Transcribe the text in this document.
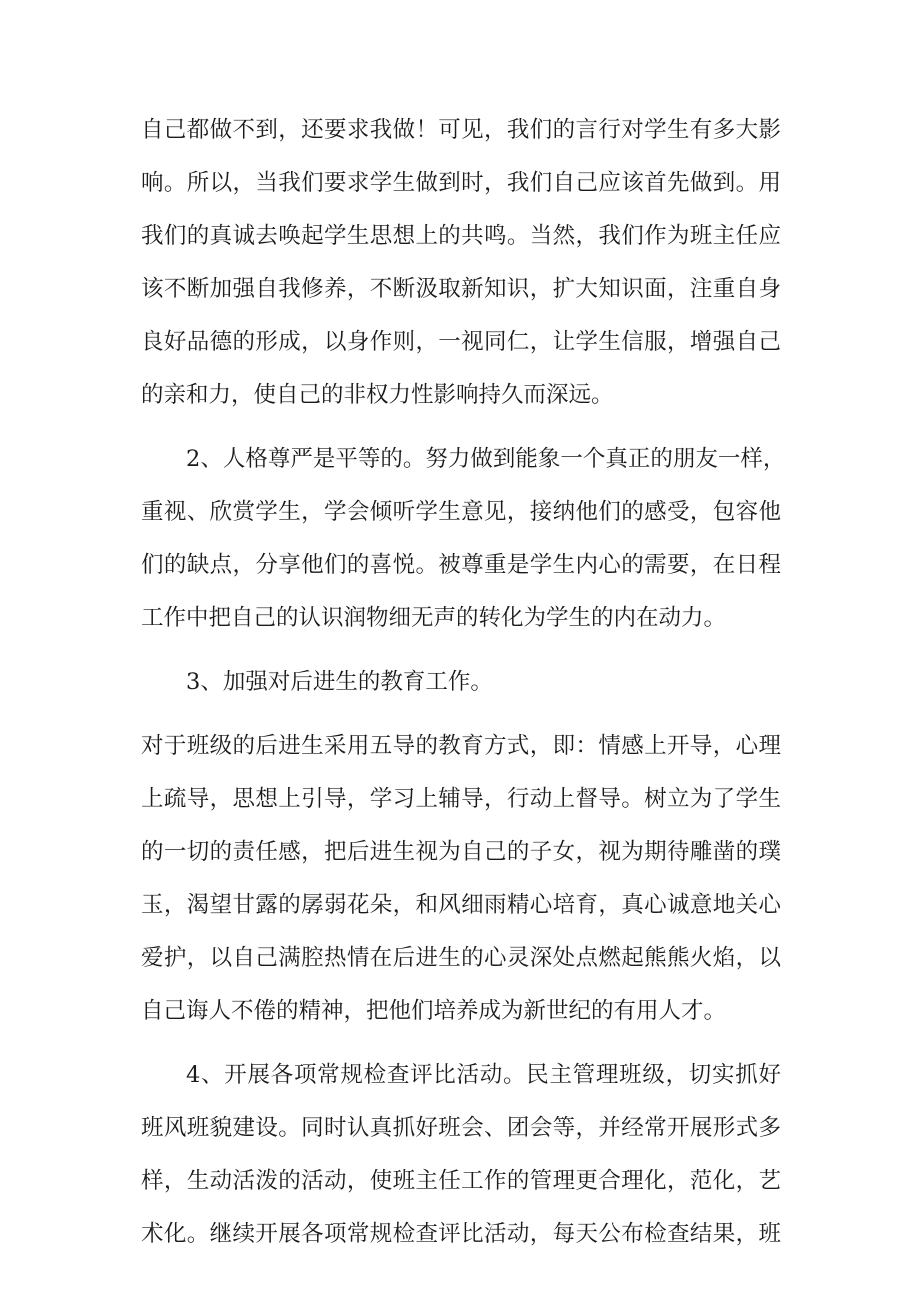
自己都做不到，还要求我做！可见，我们的言行对学生有多大影
响。所以，当我们要求学生做到时，我们自己应该首先做到。用
我们的真诚去唤起学生思想上的共鸣。当然，我们作为班主任应
该不断加强自我修养，不断汲取新知识，扩大知识面，注重自身
良好品德的形成，以身作则，一视同仁，让学生信服，增强自己
的亲和力，使自己的非权力性影响持久而深远。
2、人格尊严是平等的。努力做到能象一个真正的朋友一样，
重视、欣赏学生，学会倾听学生意见，接纳他们的感受，包容他
们的缺点，分享他们的喜悦。被尊重是学生内心的需要，在日程
工作中把自己的认识润物细无声的转化为学生的内在动力。
3、加强对后进生的教育工作。
对于班级的后进生采用五导的教育方式，即：情感上开导，心理
上疏导，思想上引导，学习上辅导，行动上督导。树立为了学生
的一切的责任感，把后进生视为自己的子女，视为期待雕凿的璞
玉，渴望甘露的孱弱花朵，和风细雨精心培育，真心诚意地关心
爱护，以自己满腔热情在后进生的心灵深处点燃起熊熊火焰，以
自己诲人不倦的精神，把他们培养成为新世纪的有用人才。
4、开展各项常规检查评比活动。民主管理班级，切实抓好
班风班貌建设。同时认真抓好班会、团会等，并经常开展形式多
样，生动活泼的活动，使班主任工作的管理更合理化，范化，艺
术化。继续开展各项常规检查评比活动，每天公布检查结果，班
